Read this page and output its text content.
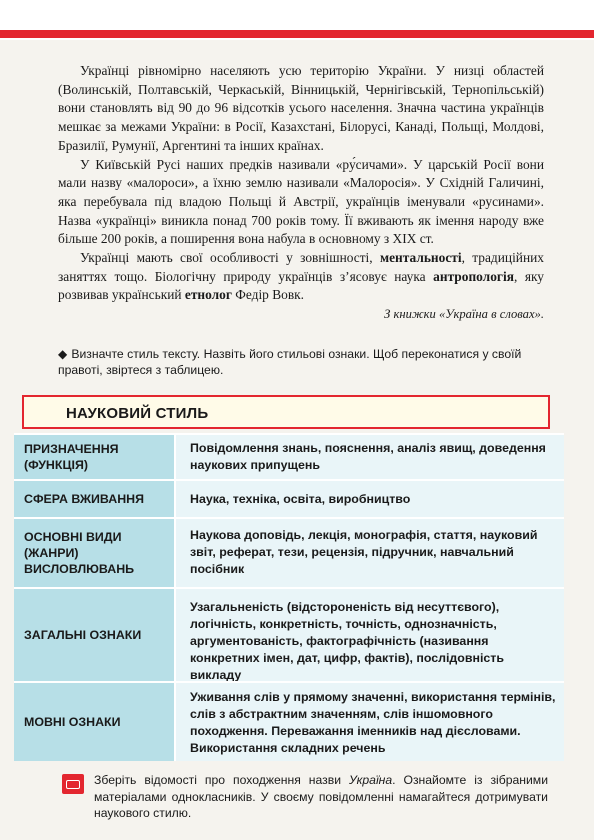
Українці рівномірно населяють усю територію України. У низці областей (Волинській, Полтавській, Черкаській, Вінницькій, Чернігівській, Тернопільській) вони становлять від 90 до 96 відсотків усього населення. Значна частина українців мешкає за межами України: в Росії, Казахстані, Білорусі, Канаді, Польщі, Молдові, Бразилії, Румунії, Аргентині та інших країнах.

У Київській Русі наших предків називали «ру́сичами». У царській Росії вони мали назву «малороси», а їхню землю називали «Малоросія». У Східній Галичині, яка перебувала під владою Польщі й Австрії, українців іменували «русинами». Назва «українці» виникла понад 700 років тому. Її вживають як імення народу вже більше 200 років, а поширення вона набула в основному з XIX ст.

Українці мають свої особливості у зовнішності, ментальності, традиційних заняттях тощо. Біологічну природу українців з’ясовує наука антропологія, яку розвивав український етнолог Федір Вовк.

З книжки «Україна в словах».

◆ Визначте стиль тексту. Назвіть його стильові ознаки. Щоб переконатися у своїй правоті, звіртеся з таблицею.
НАУКОВИЙ СТИЛЬ
ПРИЗНАЧЕННЯ (ФУНКЦІЯ)
Повідомлення знань, пояснення, аналіз явищ, доведення наукових припущень
СФЕРА ВЖИВАННЯ	Наука, техніка, освіта, виробництво
ОСНОВНІ ВИДИ (ЖАНРИ) ВИСЛОВЛЮВАНЬ
Наукова доповідь, лекція, монографія, стаття, науковий звіт, реферат, тези, рецензія, підручник, навчальний посібник
ЗАГАЛЬНІ ОЗНАКИ
Узагальненість (відстороненість від несуттєвого), логічність, конкретність, точність, однозначність, аргументованість, фактографічність (називання конкретних імен, дат, цифр, фактів), послідовність викладу
МОВНІ ОЗНАКИ
Уживання слів у прямому значенні, використання термінів, слів з абстрактним значенням, слів іншомовного походження. Переважання іменників над дієсловами. Використання складних речень
Зберіть відомості про походження назви Україна. Ознайомте із зібраними матеріалами однокласників. У своєму повідомленні намагайтеся дотримувати наукового стилю.
